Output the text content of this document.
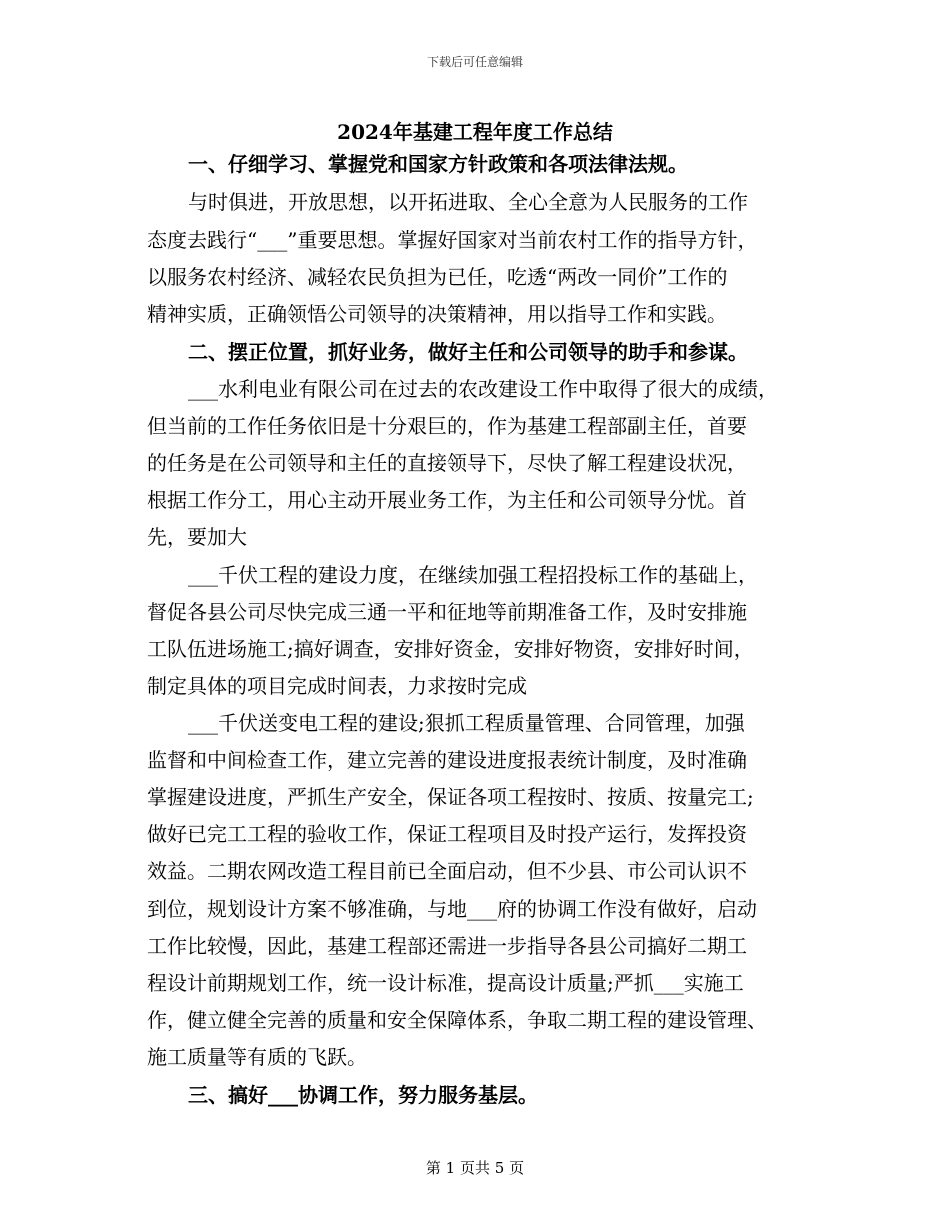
下载后可任意编辑
2024年基建工程年度工作总结
一、仔细学习、掌握党和国家方针政策和各项法律法规。
与时俱进，开放思想，以开拓进取、全心全意为人民服务的工作
态度去践行“___”重要思想。掌握好国家对当前农村工作的指导方针，
以服务农村经济、减轻农民负担为已任，吃透“两改一同价”工作的
精神实质，正确领悟公司领导的决策精神，用以指导工作和实践。
二、摆正位置，抓好业务，做好主任和公司领导的助手和参谋。
___水利电业有限公司在过去的农改建设工作中取得了很大的成绩，
但当前的工作任务依旧是十分艰巨的，作为基建工程部副主任，首要
的任务是在公司领导和主任的直接领导下，尽快了解工程建设状况，
根据工作分工，用心主动开展业务工作，为主任和公司领导分忧。首
先，要加大
___千伏工程的建设力度，在继续加强工程招投标工作的基础上，
督促各县公司尽快完成三通一平和征地等前期准备工作，及时安排施
工队伍进场施工;搞好调查，安排好资金，安排好物资，安排好时间，
制定具体的项目完成时间表，力求按时完成
___千伏送变电工程的建设;狠抓工程质量管理、合同管理，加强
监督和中间检查工作，建立完善的建设进度报表统计制度，及时准确
掌握建设进度，严抓生产安全，保证各项工程按时、按质、按量完工;
做好已完工工程的验收工作，保证工程项目及时投产运行，发挥投资
效益。二期农网改造工程目前已全面启动，但不少县、市公司认识不
到位，规划设计方案不够准确，与地___府的协调工作没有做好，启动
工作比较慢，因此，基建工程部还需进一步指导各县公司搞好二期工
程设计前期规划工作，统一设计标准，提高设计质量;严抓___实施工
作，健立健全完善的质量和安全保障体系，争取二期工程的建设管理、
施工质量等有质的飞跃。
三、搞好___协调工作，努力服务基层。
第 1 页共 5 页
